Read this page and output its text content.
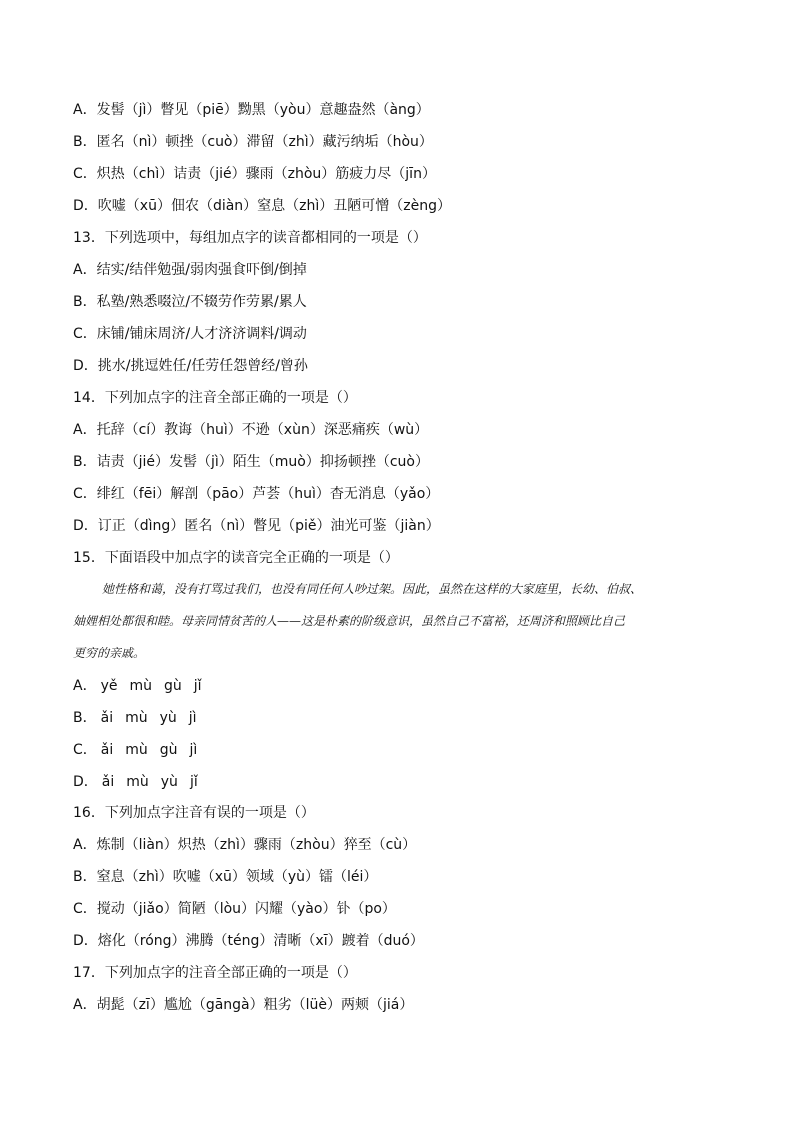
A．发髻（jì）瞥见（piē）黝黑（yòu）意趣盎然（àng）
B．匿名（nì）顿挫（cuò）滞留（zhì）藏污纳垢（hòu）
C．炽热（chì）诘责（jié）骤雨（zhòu）筋疲力尽（jīn）
D．吹嘘（xū）佃农（diàn）窒息（zhì）丑陋可憎（zèng）
13．下列选项中，每组加点字的读音都相同的一项是（）
A．结实/结伴勉强/弱肉强食吓倒/倒掉
B．私塾/熟悉啜泣/不辍劳作劳累/累人
C．床铺/铺床周济/人才济济调料/调动
D．挑水/挑逗姓任/任劳任怨曾经/曾孙
14．下列加点字的注音全部正确的一项是（）
A．托辞（cí）教诲（huì）不逊（xùn）深恶痛疾（wù）
B．诘责（jié）发髻（jì）陌生（muò）抑扬顿挫（cuò）
C．绯红（fēi）解剖（pāo）芦荟（huì）杳无消息（yǎo）
D．订正（dìng）匿名（nì）瞥见（piě）油光可鉴（jiàn）
15．下面语段中加点字的读音完全正确的一项是（）
她性格和蔼，没有打骂过我们，也没有同任何人吵过架。因此，虽然在这样的大家庭里，长幼、伯叔、
妯娌相处都很和睦。母亲同情贫苦的人——这是朴素的阶级意识，虽然自己不富裕，还周济和照顾比自己
更穷的亲戚。
A． yě mù gù jǐ
B． ǎi mù yù jì
C． ǎi mù gù jì
D． ǎi mù yù jǐ
16．下列加点字注音有误的一项是（）
A．炼制（liàn）炽热（zhì）骤雨（zhòu）猝至（cù）
B．窒息（zhì）吹嘘（xū）领域（yù）镭（léi）
C．搅动（jiǎo）简陋（lòu）闪耀（yào）钋（po）
D．熔化（róng）沸腾（téng）清晰（xī）踱着（duó）
17．下列加点字的注音全部正确的一项是（）
A．胡髭（zī）尴尬（gāngà）粗劣（lüè）两颊（jiá）
